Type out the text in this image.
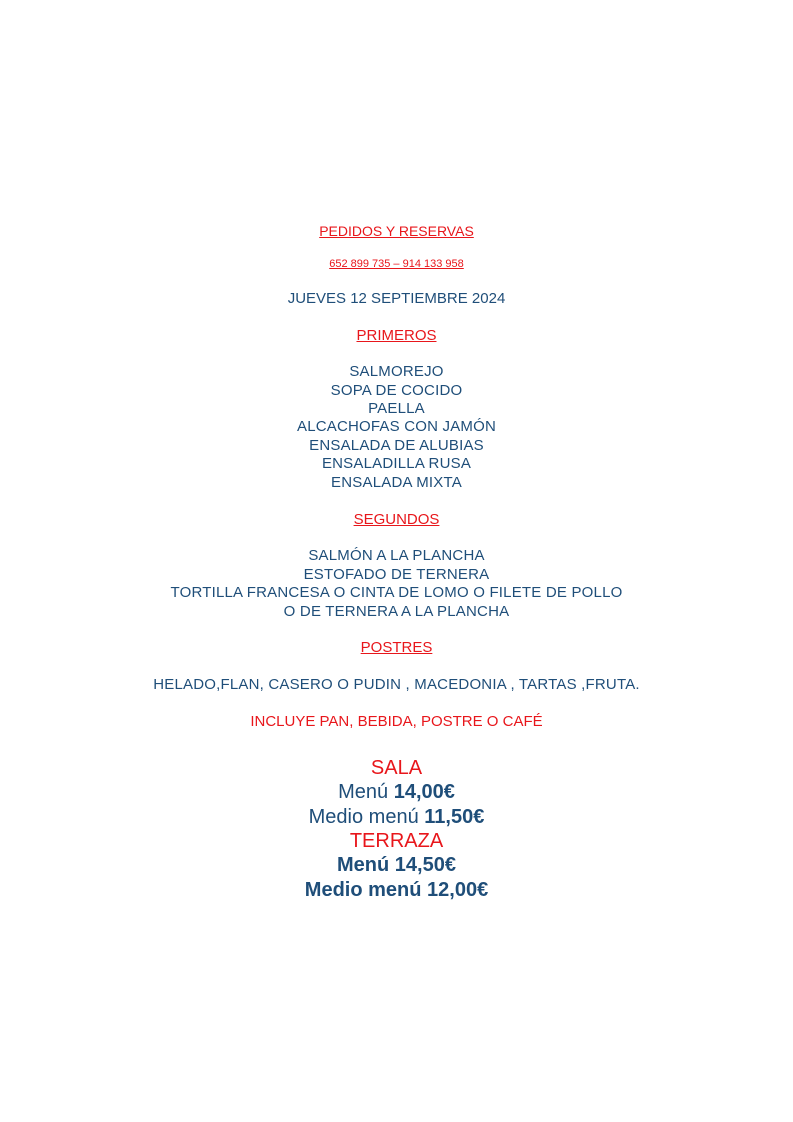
PEDIDOS Y RESERVAS
652 899 735 – 914 133 958
JUEVES 12 SEPTIEMBRE 2024
PRIMEROS
SALMOREJO
SOPA DE COCIDO
PAELLA
ALCACHOFAS CON JAMÓN
ENSALADA DE ALUBIAS
ENSALADILLA RUSA
ENSALADA MIXTA
SEGUNDOS
SALMÓN A LA PLANCHA
ESTOFADO DE TERNERA
TORTILLA FRANCESA O CINTA DE LOMO O FILETE DE POLLO
O DE TERNERA A LA PLANCHA
POSTRES
HELADO,FLAN, CASERO O PUDIN , MACEDONIA , TARTAS ,FRUTA.
INCLUYE PAN, BEBIDA, POSTRE O CAFÉ
SALA
Menú 14,00€
Medio menú 11,50€
TERRAZA
Menú 14,50€
Medio menú 12,00€
